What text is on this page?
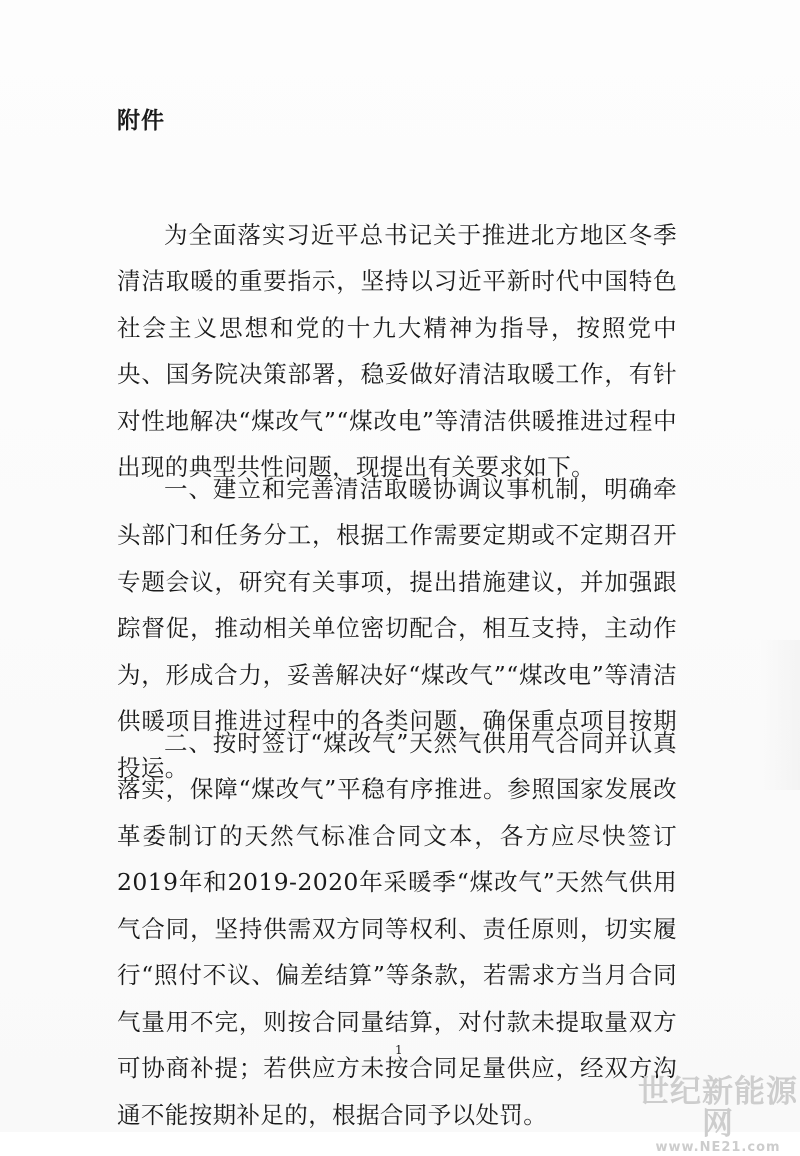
附件

为全面落实习近平总书记关于推进北方地区冬季清洁取暖的重要指示，坚持以习近平新时代中国特色社会主义思想和党的十九大精神为指导，按照党中央、国务院决策部署，稳妥做好清洁取暖工作，有针对性地解决“煤改气”“煤改电”等清洁供暖推进过程中出现的典型共性问题，现提出有关要求如下。

一、建立和完善清洁取暖协调议事机制，明确牵头部门和任务分工，根据工作需要定期或不定期召开专题会议，研究有关事项，提出措施建议，并加强跟踪督促，推动相关单位密切配合，相互支持，主动作为，形成合力，妥善解决好“煤改气”“煤改电”等清洁供暖项目推进过程中的各类问题，确保重点项目按期投运。

二、按时签订“煤改气”天然气供用气合同并认真落实，保障“煤改气”平稳有序推进。参照国家发展改革委制订的天然气标准合同文本，各方应尽快签订2019年和2019-2020年采暖季“煤改气”天然气供用气合同，坚持供需双方同等权利、责任原则，切实履行“照付不议、偏差结算”等条款，若需求方当月合同气量用不完，则按合同量结算，对付款未提取量双方可协商补提；若供应方未按合同足量供应，经双方沟通不能按期补足的，根据合同予以处罚。

1
世纪新能源网
www.NE21.com
